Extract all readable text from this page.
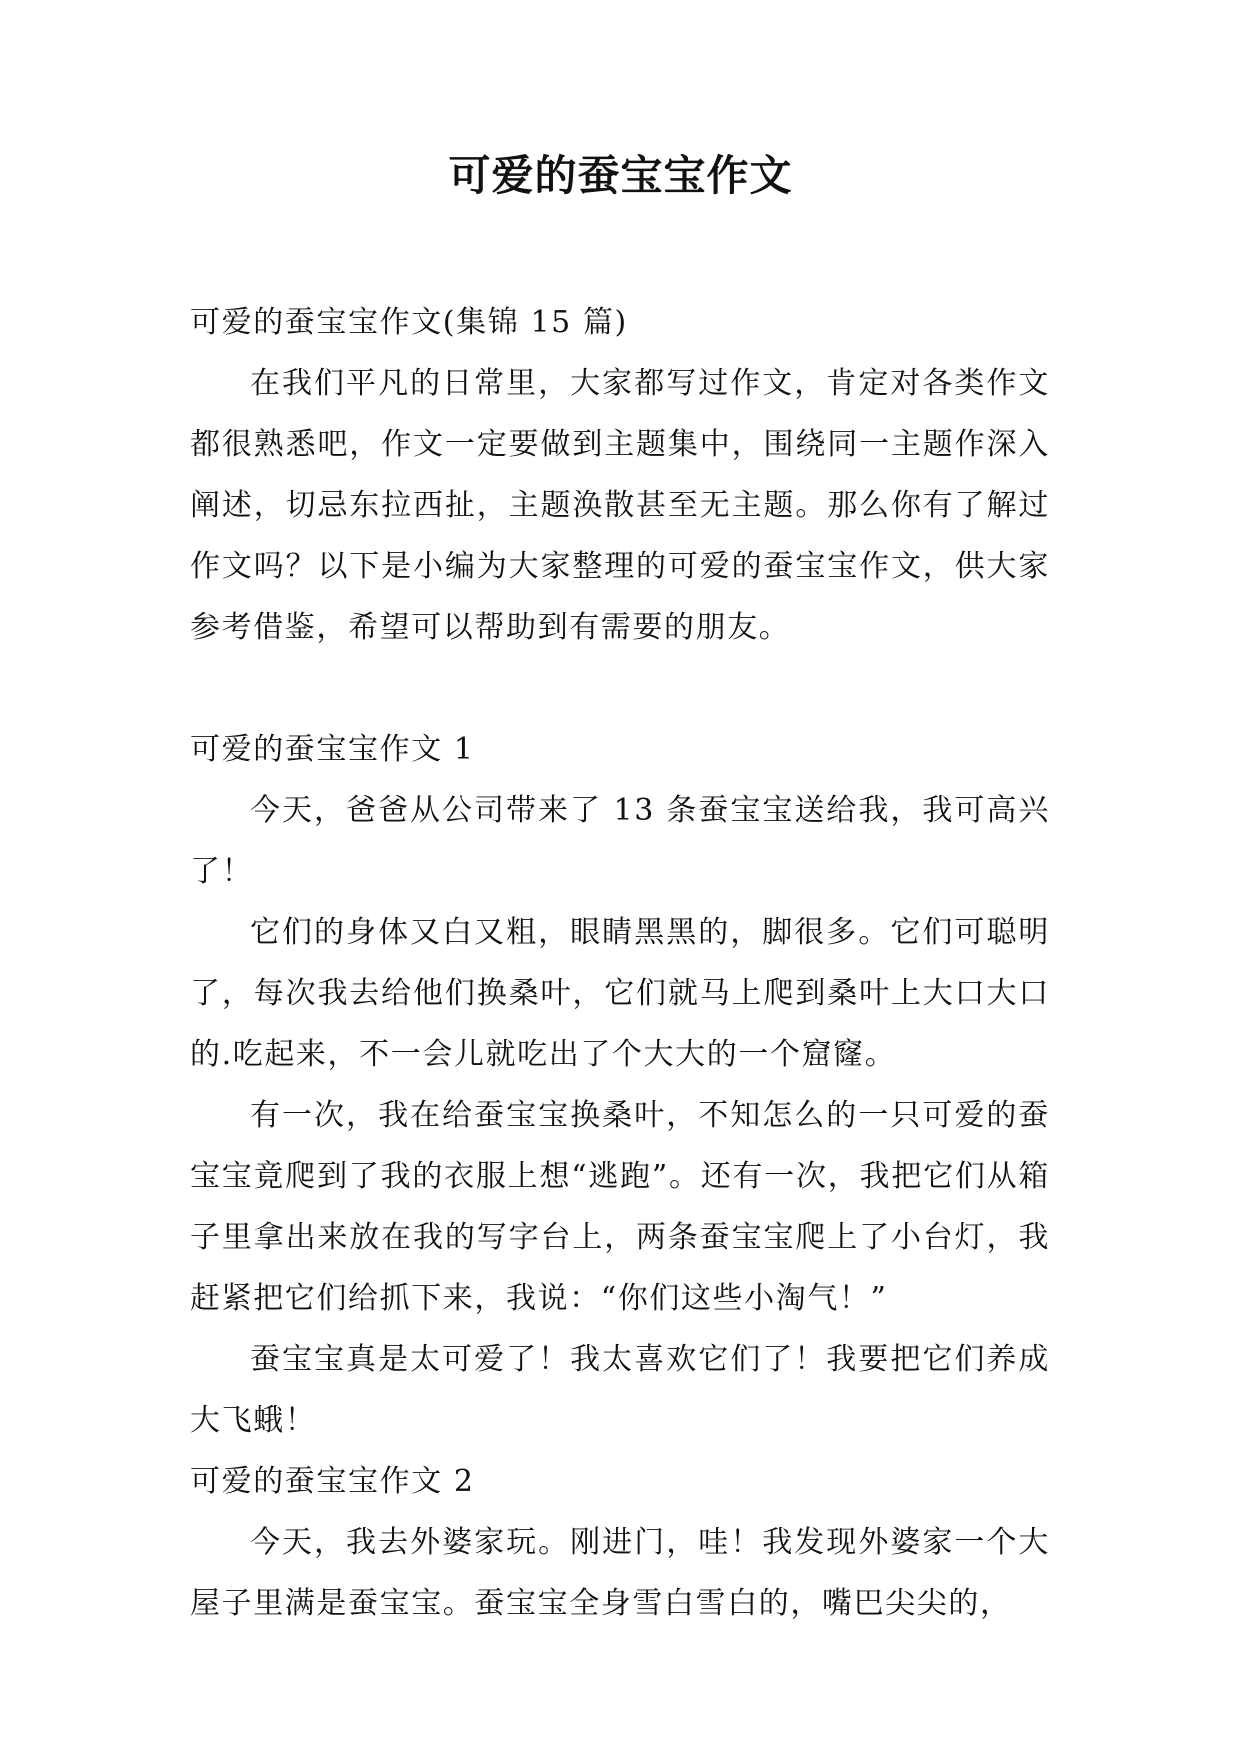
可爱的蚕宝宝作文

可爱的蚕宝宝作文(集锦 15 篇)

在我们平凡的日常里，大家都写过作文，肯定对各类作文都很熟悉吧，作文一定要做到主题集中，围绕同一主题作深入阐述，切忌东拉西扯，主题涣散甚至无主题。那么你有了解过作文吗？以下是小编为大家整理的可爱的蚕宝宝作文，供大家参考借鉴，希望可以帮助到有需要的朋友。

可爱的蚕宝宝作文 1

今天，爸爸从公司带来了 13 条蚕宝宝送给我，我可高兴了！

它们的身体又白又粗，眼睛黑黑的，脚很多。它们可聪明了，每次我去给他们换桑叶，它们就马上爬到桑叶上大口大口的.吃起来，不一会儿就吃出了个大大的一个窟窿。

有一次，我在给蚕宝宝换桑叶，不知怎么的一只可爱的蚕宝宝竟爬到了我的衣服上想“逃跑”。还有一次，我把它们从箱子里拿出来放在我的写字台上，两条蚕宝宝爬上了小台灯，我赶紧把它们给抓下来，我说：“你们这些小淘气！”

蚕宝宝真是太可爱了！我太喜欢它们了！我要把它们养成大飞蛾！

可爱的蚕宝宝作文 2

今天，我去外婆家玩。刚进门，哇！我发现外婆家一个大屋子里满是蚕宝宝。蚕宝宝全身雪白雪白的，嘴巴尖尖的，
